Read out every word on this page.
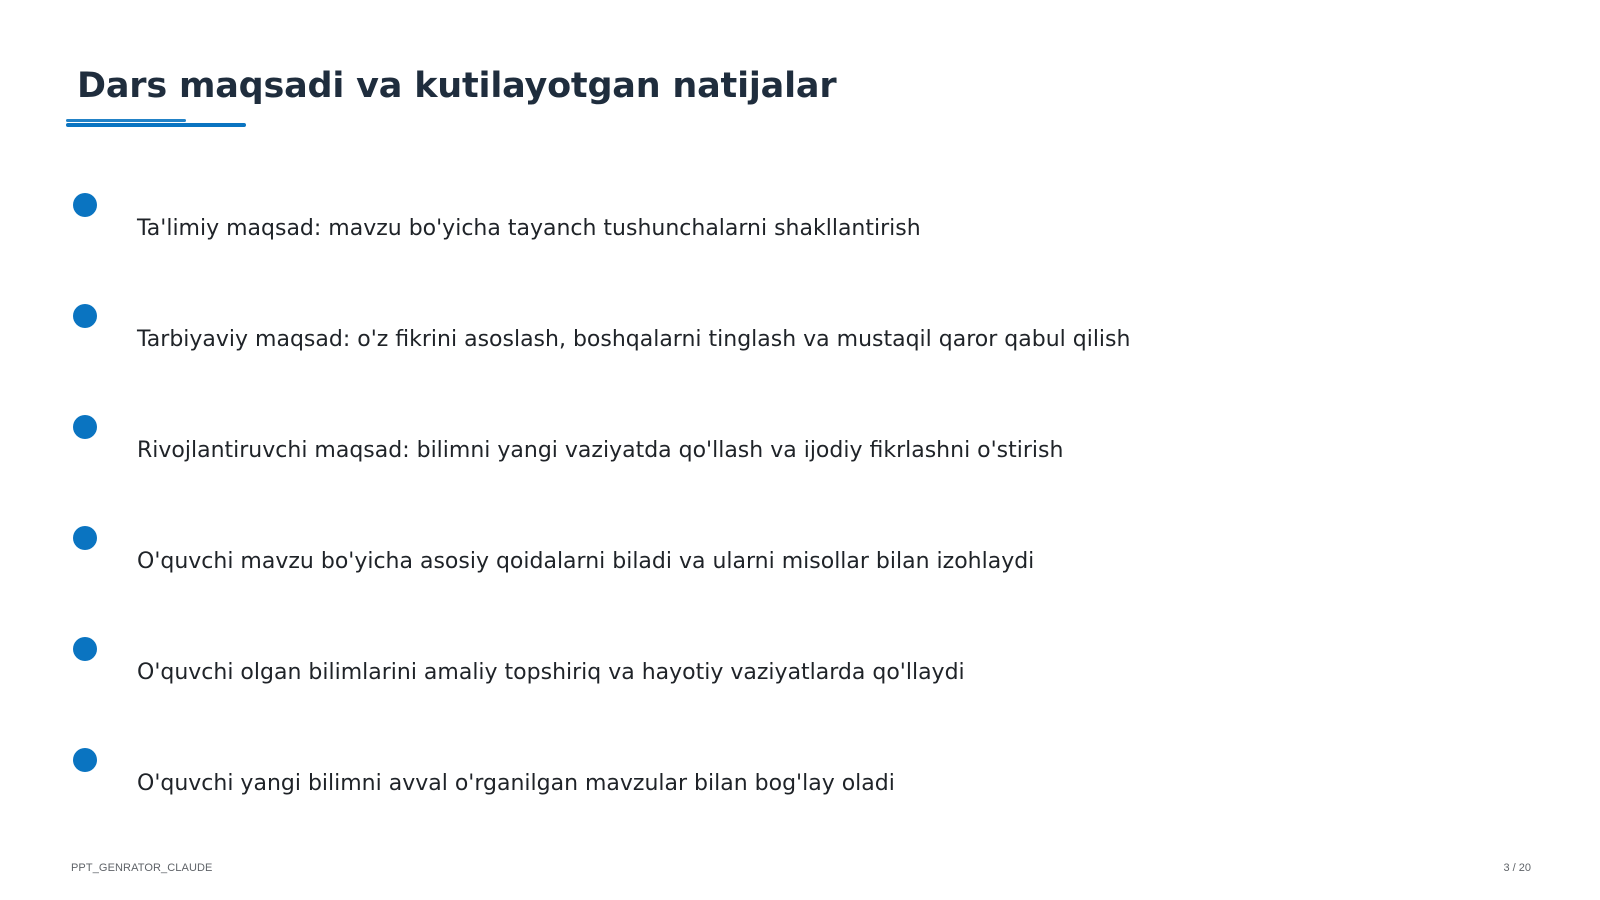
Dars maqsadi va kutilayotgan natijalar
Ta'limiy maqsad: mavzu bo'yicha tayanch tushunchalarni shakllantirish
Tarbiyaviy maqsad: o'z fikrini asoslash, boshqalarni tinglash va mustaqil qaror qabul qilish
Rivojlantiruvchi maqsad: bilimni yangi vaziyatda qo'llash va ijodiy fikrlashni o'stirish
O'quvchi mavzu bo'yicha asosiy qoidalarni biladi va ularni misollar bilan izohlaydi
O'quvchi olgan bilimlarini amaliy topshiriq va hayotiy vaziyatlarda qo'llaydi
O'quvchi yangi bilimni avval o'rganilgan mavzular bilan bog'lay oladi
PPT_GENRATOR_CLAUDE	3 / 20
